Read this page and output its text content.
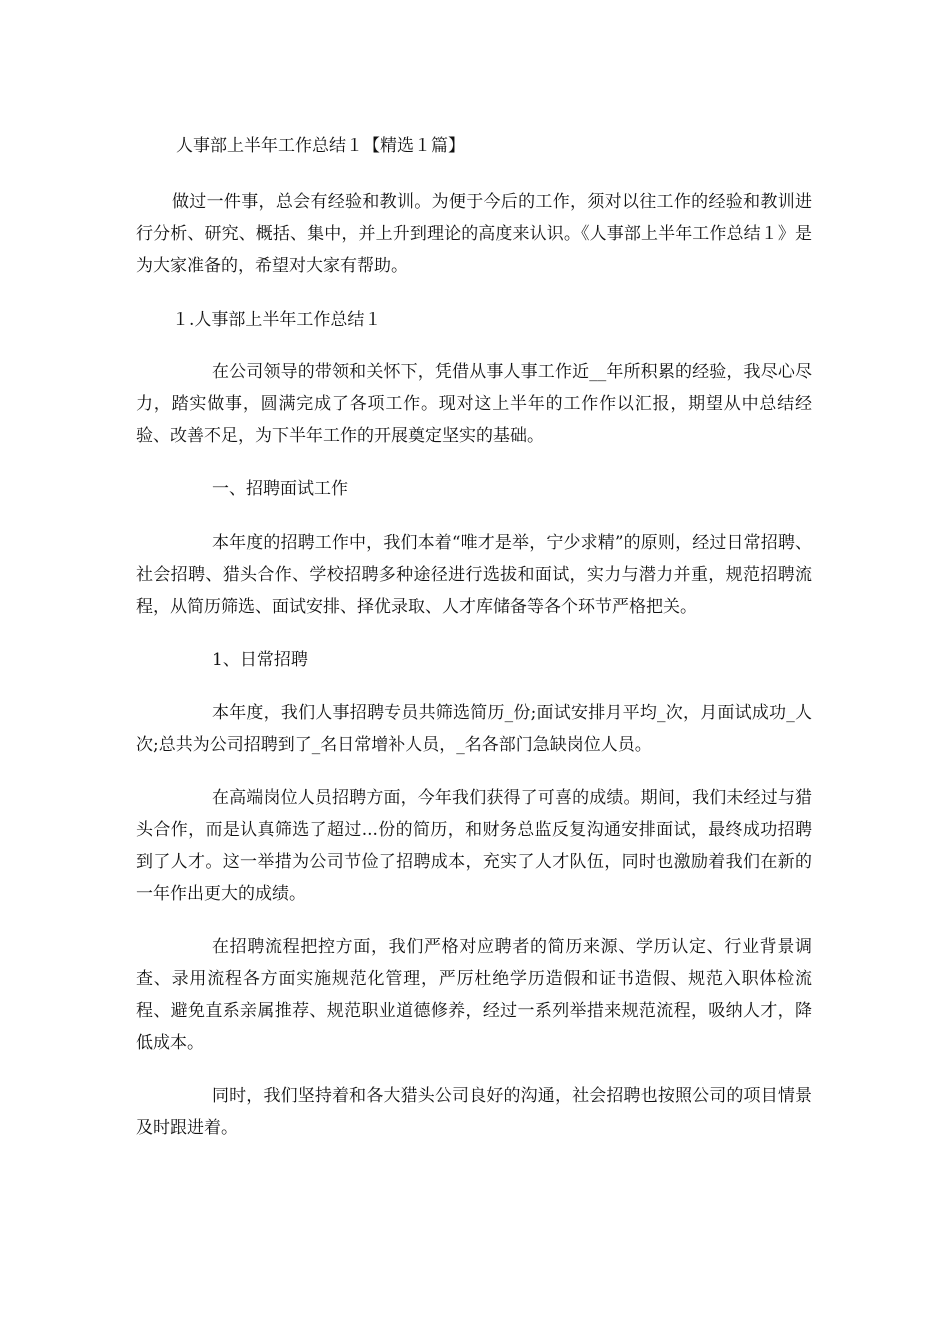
人事部上半年工作总结１【精选１篇】

做过一件事，总会有经验和教训。为便于今后的工作，须对以往工作的经验和教训进行分析、研究、概括、集中，并上升到理论的高度来认识。《人事部上半年工作总结１》是为大家准备的，希望对大家有帮助。

１.人事部上半年工作总结１

在公司领导的带领和关怀下，凭借从事人事工作近__年所积累的经验，我尽心尽力，踏实做事，圆满完成了各项工作。现对这上半年的工作作以汇报，期望从中总结经验、改善不足，为下半年工作的开展奠定坚实的基础。

一、招聘面试工作

本年度的招聘工作中，我们本着“唯才是举，宁少求精”的原则，经过日常招聘、社会招聘、猎头合作、学校招聘多种途径进行选拔和面试，实力与潜力并重，规范招聘流程，从简历筛选、面试安排、择优录取、人才库储备等各个环节严格把关。

1、日常招聘

本年度，我们人事招聘专员共筛选简历_份;面试安排月平均_次，月面试成功_人次;总共为公司招聘到了_名日常增补人员，_名各部门急缺岗位人员。

在高端岗位人员招聘方面，今年我们获得了可喜的成绩。期间，我们未经过与猎头合作，而是认真筛选了超过...份的简历，和财务总监反复沟通安排面试，最终成功招聘到了人才。这一举措为公司节俭了招聘成本，充实了人才队伍，同时也激励着我们在新的一年作出更大的成绩。

在招聘流程把控方面，我们严格对应聘者的简历来源、学历认定、行业背景调查、录用流程各方面实施规范化管理，严厉杜绝学历造假和证书造假、规范入职体检流程、避免直系亲属推荐、规范职业道德修养，经过一系列举措来规范流程，吸纳人才，降低成本。

同时，我们坚持着和各大猎头公司良好的沟通，社会招聘也按照公司的项目情景及时跟进着。
